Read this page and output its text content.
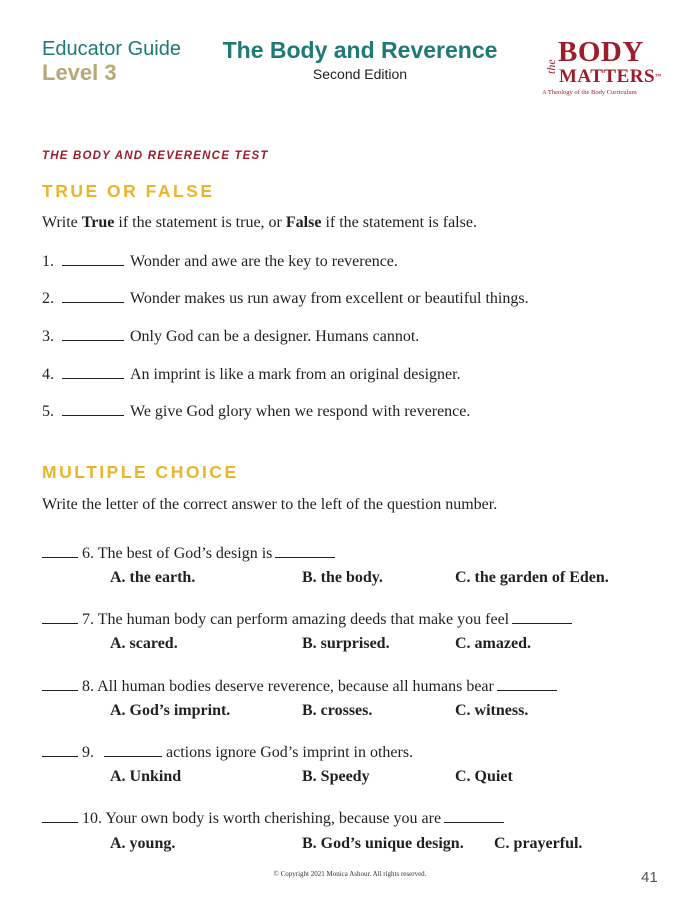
Educator Guide
Level 3
The Body and Reverence
Second Edition	the BODY
MATTERS™
A Theology of the Body Curriculum
THE BODY AND REVERENCE TEST
TRUE OR FALSE
Write True if the statement is true, or False if the statement is false.
1.	Wonder and awe are the key to reverence.
2.	Wonder makes us run away from excellent or beautiful things.
3.	Only God can be a designer. Humans cannot.
4.	An imprint is like a mark from an original designer.
5.	We give God glory when we respond with reverence.
MULTIPLE CHOICE
Write the letter of the correct answer to the left of the question number.
6. The best of God’s design is
A. the earth.	B. the body.	C. the garden of Eden.
7. The human body can perform amazing deeds that make you feel
A. scared.	B. surprised.	C. amazed.
8. All human bodies deserve reverence, because all humans bear
A. God’s imprint.	B. crosses.	C. witness.
9.	actions ignore God’s imprint in others.
A. Unkind	B. Speedy	C. Quiet
10. Your own body is worth cherishing, because you are
A. young.	B. God’s unique design. C. prayerful.
© Copyright 2021 Monica Ashour. All rights reserved.	41
